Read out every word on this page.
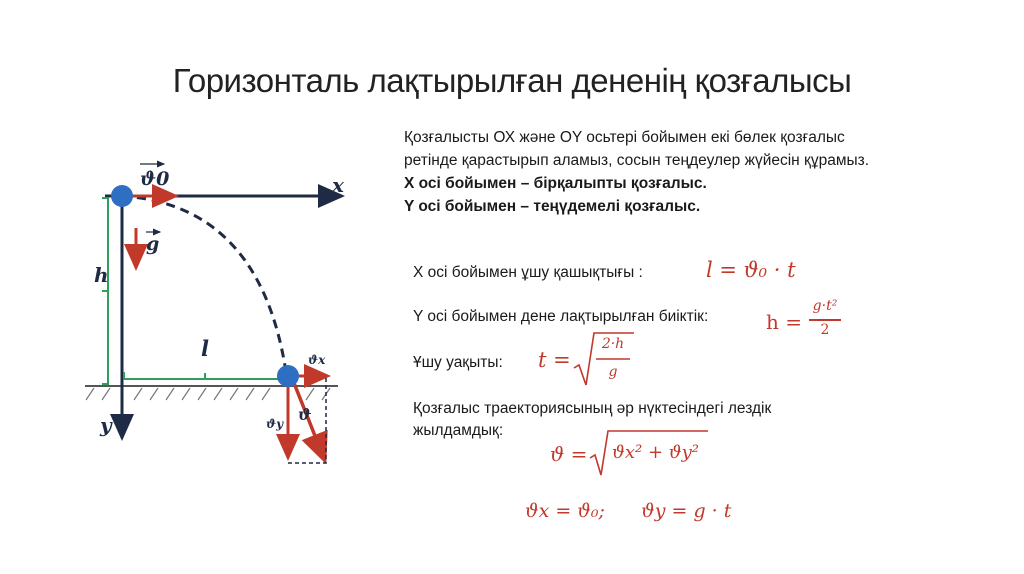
Горизонталь лақтырылған дененің қозғалысы
Қозғалысты ОХ және ОY осьтері бойымен екі бөлек қозғалыс
ретінде қарастырып аламыз, сосын теңдеулер жүйесін құрамыз.
Х осі бойымен – бірқалыпты қозғалыс.
Y осі бойымен – теңүдемелі қозғалыс.
x
y
h
l
ϑ0
g
ϑx
ϑy ϑ
Х осі бойымен ұшу қашықтығы :	l = ϑ₀ · t
Y осі бойымен дене лақтырылған биіктік:	h =
g·t²
2
Ұшу уақыты: t =
2·h
g
Қозғалыс траекториясының әр нүктесіндегі лездік
жылдамдық:
ϑ = ϑx² + ϑy²
ϑx = ϑ₀;      ϑy = g · t
